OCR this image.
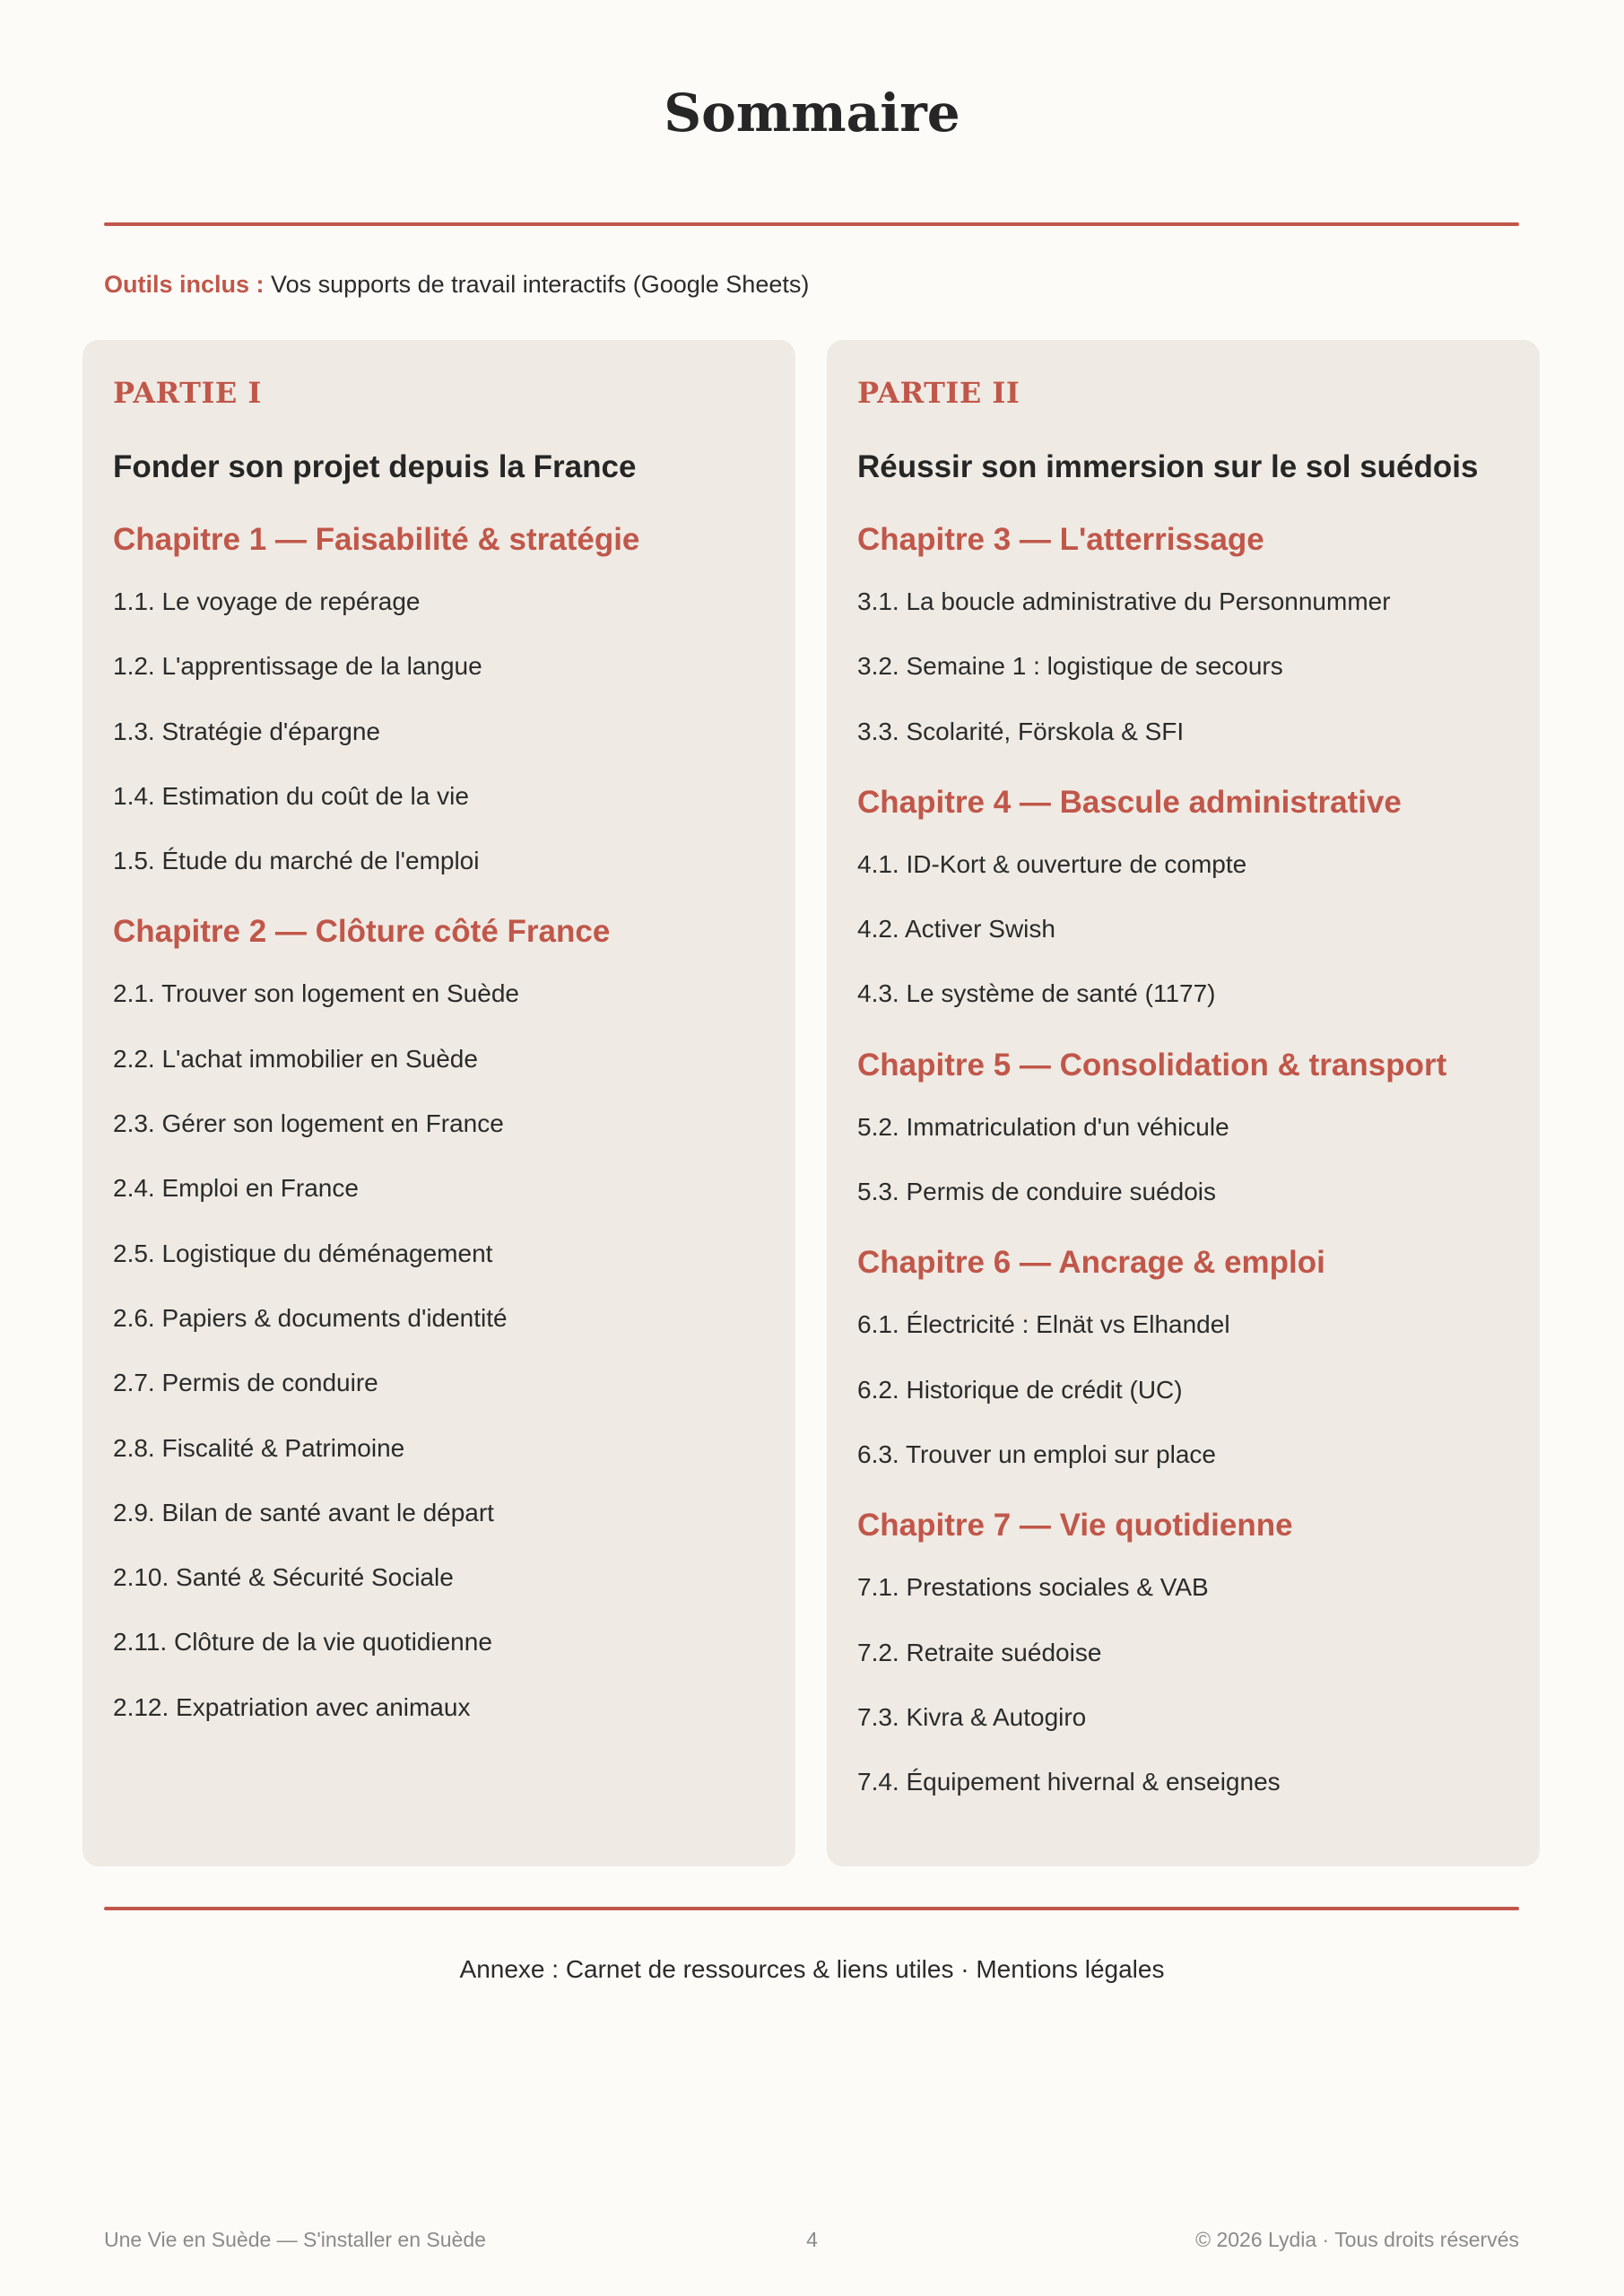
Sommaire
Outils inclus : Vos supports de travail interactifs (Google Sheets)
PARTIE I
Fonder son projet depuis la France
Chapitre 1 — Faisabilité & stratégie
1.1. Le voyage de repérage
1.2. L'apprentissage de la langue
1.3. Stratégie d'épargne
1.4. Estimation du coût de la vie
1.5. Étude du marché de l'emploi
Chapitre 2 — Clôture côté France
2.1. Trouver son logement en Suède
2.2. L'achat immobilier en Suède
2.3. Gérer son logement en France
2.4. Emploi en France
2.5. Logistique du déménagement
2.6. Papiers & documents d'identité
2.7. Permis de conduire
2.8. Fiscalité & Patrimoine
2.9. Bilan de santé avant le départ
2.10. Santé & Sécurité Sociale
2.11. Clôture de la vie quotidienne
2.12. Expatriation avec animaux
PARTIE II
Réussir son immersion sur le sol suédois
Chapitre 3 — L'atterrissage
3.1. La boucle administrative du Personnummer
3.2. Semaine 1 : logistique de secours
3.3. Scolarité, Förskola & SFI
Chapitre 4 — Bascule administrative
4.1. ID-Kort & ouverture de compte
4.2. Activer Swish
4.3. Le système de santé (1177)
Chapitre 5 — Consolidation & transport
5.2. Immatriculation d'un véhicule
5.3. Permis de conduire suédois
Chapitre 6 — Ancrage & emploi
6.1. Électricité : Elnät vs Elhandel
6.2. Historique de crédit (UC)
6.3. Trouver un emploi sur place
Chapitre 7 — Vie quotidienne
7.1. Prestations sociales & VAB
7.2. Retraite suédoise
7.3. Kivra & Autogiro
7.4. Équipement hivernal & enseignes
Annexe : Carnet de ressources & liens utiles · Mentions légales
Une Vie en Suède — S'installer en Suède	4	© 2026 Lydia · Tous droits réservés
